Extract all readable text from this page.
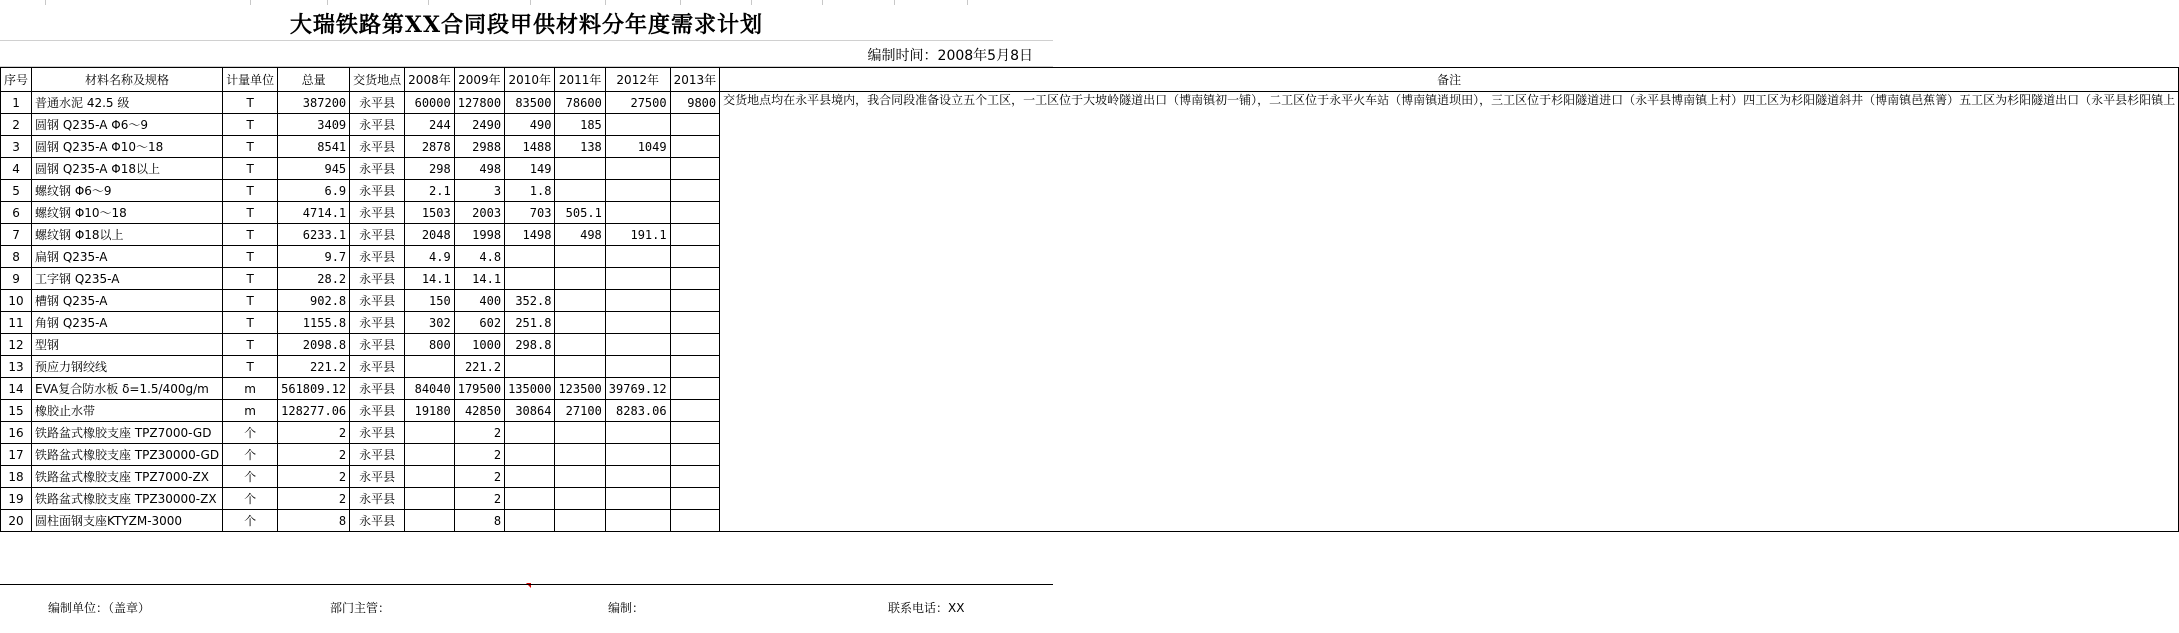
大瑞铁路第XX合同段甲供材料分年度需求计划
编制时间：2008年5月8日
序号	材料名称及规格	计量单位	总量	交货地点	2008年	2009年	2010年	2011年	2012年	2013年	备注
1	普通水泥 42.5 级	T	387200	永平县	60000	127800	83500	78600	27500	9800	交货地点均在永平县境内，我合同段准备设立五个工区，一工区位于大坡岭隧道出口（博南镇初一铺），二工区位于永平火车站（博南镇逍坝田），三工区位于杉阳隧道进口（永平县博南镇上村）四工区为杉阳隧道斜井（博南镇邑蕉箐）五工区为杉阳隧道出口（永平县杉阳镇上
2	圆钢 Q235-A Φ6～9	T	3409	永平县	244	2490	490	185			
3	圆钢 Q235-A Φ10～18	T	8541	永平县	2878	2988	1488	138	1049		
4	圆钢 Q235-A Φ18以上	T	945	永平县	298	498	149				
5	螺纹钢 Φ6～9	T	6.9	永平县	2.1	3	1.8				
6	螺纹钢 Φ10～18	T	4714.1	永平县	1503	2003	703	505.1			
7	螺纹钢 Φ18以上	T	6233.1	永平县	2048	1998	1498	498	191.1		
8	扁钢 Q235-A	T	9.7	永平县	4.9	4.8					
9	工字钢 Q235-A	T	28.2	永平县	14.1	14.1					
10	槽钢 Q235-A	T	902.8	永平县	150	400	352.8				
11	角钢 Q235-A	T	1155.8	永平县	302	602	251.8				
12	型钢	T	2098.8	永平县	800	1000	298.8				
13	预应力钢绞线	T	221.2	永平县		221.2					
14	EVA复合防水板 δ=1.5/400g/m	m	561809.12	永平县	84040	179500	135000	123500	39769.12		
15	橡胶止水带	m	128277.06	永平县	19180	42850	30864	27100	8283.06		
16	铁路盆式橡胶支座 TPZ7000-GD	个	2	永平县		2					
17	铁路盆式橡胶支座 TPZ30000-GD	个	2	永平县		2					
18	铁路盆式橡胶支座 TPZ7000-ZX	个	2	永平县		2					
19	铁路盆式橡胶支座 TPZ30000-ZX	个	2	永平县		2					
20	圆柱面钢支座KTYZM-3000	个	8	永平县		8					
编制单位：（盖章）	部门主管：	编制：	联系电话：XX
